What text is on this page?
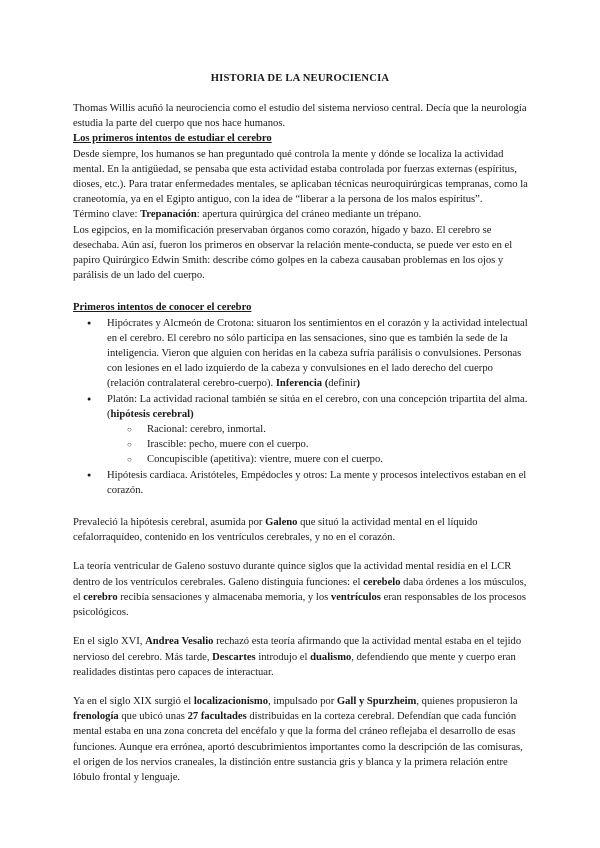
HISTORIA DE LA NEUROCIENCIA

Thomas Willis acuñó la neurociencia como el estudio del sistema nervioso central. Decía que la neurología estudia la parte del cuerpo que nos hace humanos.

Los primeros intentos de estudiar el cerebro

Desde siempre, los humanos se han preguntado qué controla la mente y dónde se localiza la actividad mental. En la antigüedad, se pensaba que esta actividad estaba controlada por fuerzas externas (espíritus, dioses, etc.). Para tratar enfermedades mentales, se aplicaban técnicas neuroquirúrgicas tempranas, como la craneotomía, ya en el Egipto antiguo, con la idea de “liberar a la persona de los malos espíritus”.

Término clave: Trepanación: apertura quirúrgica del cráneo mediante un trépano.

Los egipcios, en la momificación preservaban órganos como corazón, hígado y bazo. El cerebro se desechaba. Aún así, fueron los primeros en observar la relación mente-conducta, se puede ver esto en el papiro Quirúrgico Edwin Smith: describe cómo golpes en la cabeza causaban problemas en los ojos y parálisis de un lado del cuerpo.

Primeros intentos de conocer el cerebro

● Hipócrates y Alcmeón de Crotona: situaron los sentimientos en el corazón y la actividad intelectual en el cerebro. El cerebro no sólo participa en las sensaciones, sino que es también la sede de la inteligencia. Vieron que alguien con heridas en la cabeza sufría parálisis o convulsiones. Personas con lesiones en el lado izquierdo de la cabeza y convulsiones en el lado derecho del cuerpo (relación contralateral cerebro-cuerpo). Inferencia (definir)
● Platón: La actividad racional también se sitúa en el cerebro, con una concepción tripartita del alma. (hipótesis cerebral)
○ Racional: cerebro, inmortal.
○ Irascible: pecho, muere con el cuerpo.
○ Concupiscible (apetitiva): vientre, muere con el cuerpo.
● Hipótesis cardiaca. Aristóteles, Empédocles y otros: La mente y procesos intelectivos estaban en el corazón.

Prevaleció la hipótesis cerebral, asumida por Galeno que situó la actividad mental en el líquido cefalorraquídeo, contenido en los ventrículos cerebrales, y no en el corazón.

La teoría ventricular de Galeno sostuvo durante quince siglos que la actividad mental residía en el LCR dentro de los ventrículos cerebrales. Galeno distinguía funciones: el cerebelo daba órdenes a los músculos, el cerebro recibía sensaciones y almacenaba memoria, y los ventrículos eran responsables de los procesos psicológicos.

En el siglo XVI, Andrea Vesalio rechazó esta teoría afirmando que la actividad mental estaba en el tejido nervioso del cerebro. Más tarde, Descartes introdujo el dualismo, defendiendo que mente y cuerpo eran realidades distintas pero capaces de interactuar.

Ya en el siglo XIX surgió el localizacionismo, impulsado por Gall y Spurzheim, quienes propusieron la frenología que ubicó unas 27 facultades distribuidas en la corteza cerebral. Defendían que cada función mental estaba en una zona concreta del encéfalo y que la forma del cráneo reflejaba el desarrollo de esas funciones. Aunque era errónea, aportó descubrimientos importantes como la descripción de las comisuras, el origen de los nervios craneales, la distinción entre sustancia gris y blanca y la primera relación entre lóbulo frontal y lenguaje.
